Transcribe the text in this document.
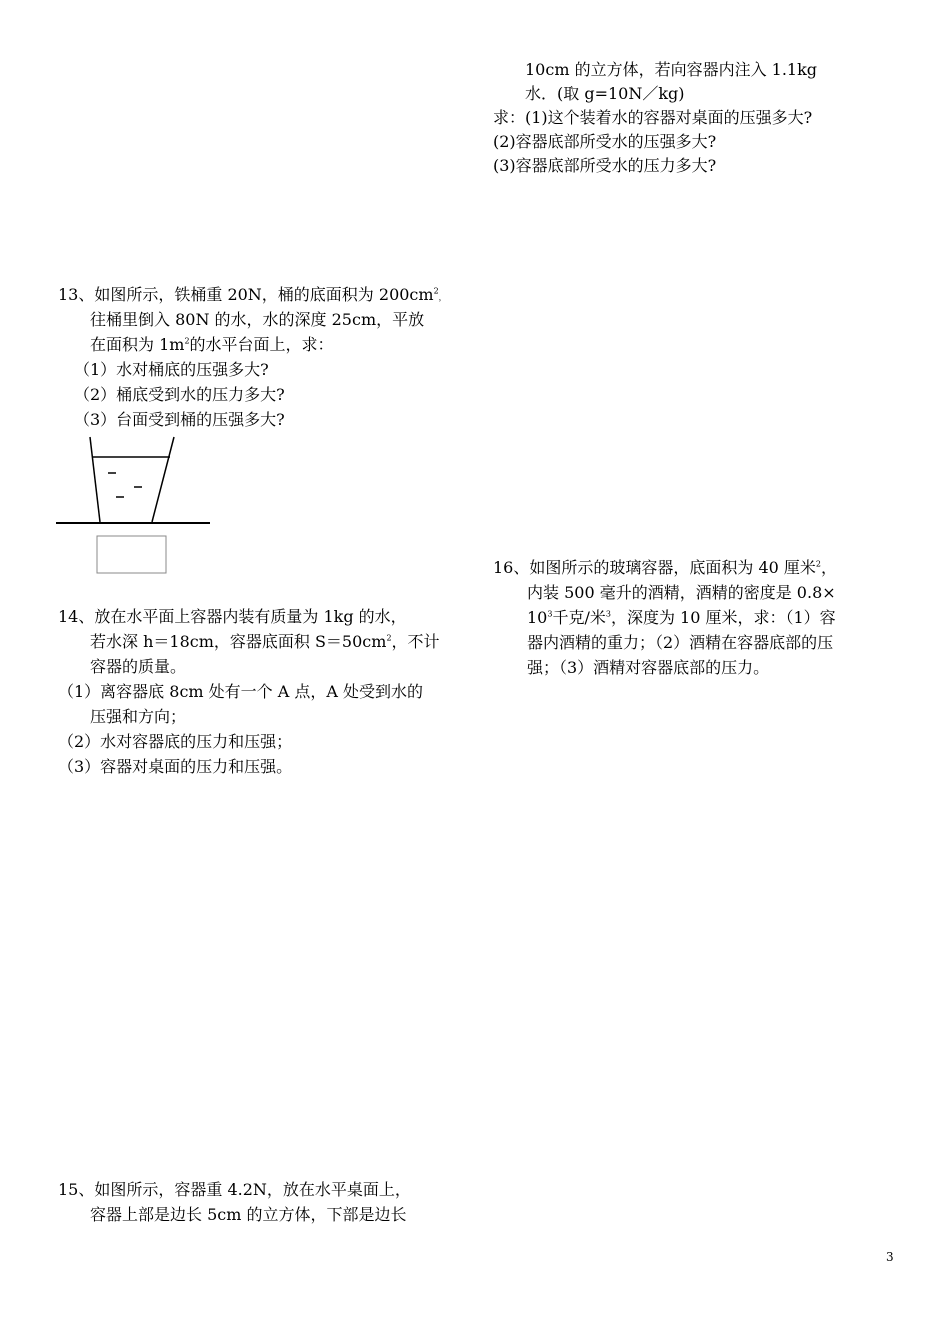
10cm 的立方体，若向容器内注入 1.1kg
水．(取 g=10N／kg)
求：(1)这个装着水的容器对桌面的压强多大?
(2)容器底部所受水的压强多大?
(3)容器底部所受水的压力多大?
13、如图所示，铁桶重 20N，桶的底面积为 $200cm^2$，
往桶里倒入 80N 的水，水的深度 25cm，平放
在面积为 $1m^2$的水平台面上，求：
（1）水对桶底的压强多大?
（2）桶底受到水的压力多大?
（3）台面受到桶的压强多大?
14、放在水平面上容器内装有质量为 1kg 的水，
若水深 h＝18cm，容器底面积 $S=50cm^2$，不计
容器的质量。
（1）离容器底 8cm 处有一个 A 点，A 处受到水的
压强和方向；
（2）水对容器底的压力和压强；
（3）容器对桌面的压力和压强。
15、如图所示，容器重 4.2N，放在水平桌面上，
容器上部是边长 5cm 的立方体，下部是边长
16、如图所示的玻璃容器，底面积为 40 厘米$^2$，
内装 500 毫升的酒精，酒精的密度是 0.8×
$10^3$千克/米$^3$，深度为 10 厘米，求：（1）容
器内酒精的重力；（2）酒精在容器底部的压
强；（3）酒精对容器底部的压力。
3
